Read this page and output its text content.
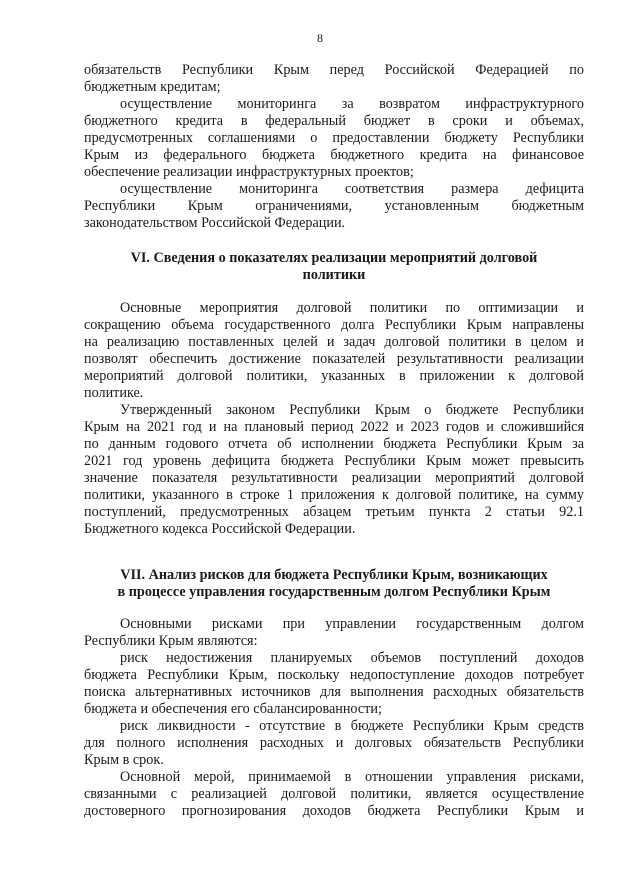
8
обязательств Республики Крым перед Российской Федерацией по
бюджетным кредитам;
осуществление мониторинга за возвратом инфраструктурного
бюджетного кредита в федеральный бюджет в сроки и объемах,
предусмотренных соглашениями о предоставлении бюджету Республики
Крым из федерального бюджета бюджетного кредита на финансовое
обеспечение реализации инфраструктурных проектов;
осуществление мониторинга соответствия размера дефицита
Республики Крым ограничениями, установленным бюджетным
законодательством Российской Федерации.
VI. Сведения о показателях реализации мероприятий долговой
политики
Основные мероприятия долговой политики по оптимизации и
сокращению объема государственного долга Республики Крым направлены
на реализацию поставленных целей и задач долговой политики в целом и
позволят обеспечить достижение показателей результативности реализации
мероприятий долговой политики, указанных в приложении к долговой
политике.
Утвержденный законом Республики Крым о бюджете Республики
Крым на 2021 год и на плановый период 2022 и 2023 годов и сложившийся
по данным годового отчета об исполнении бюджета Республики Крым за
2021 год уровень дефицита бюджета Республики Крым может превысить
значение показателя результативности реализации мероприятий долговой
политики, указанного в строке 1 приложения к долговой политике, на сумму
поступлений, предусмотренных абзацем третьим пункта 2 статьи 92.1
Бюджетного кодекса Российской Федерации.
VII. Анализ рисков для бюджета Республики Крым, возникающих
в процессе управления государственным долгом Республики Крым
Основными рисками при управлении государственным долгом
Республики Крым являются:
риск недостижения планируемых объемов поступлений доходов
бюджета Республики Крым, поскольку недопоступление доходов потребует
поиска альтернативных источников для выполнения расходных обязательств
бюджета и обеспечения его сбалансированности;
риск ликвидности - отсутствие в бюджете Республики Крым средств
для полного исполнения расходных и долговых обязательств Республики
Крым в срок.
Основной мерой, принимаемой в отношении управления рисками,
связанными с реализацией долговой политики, является осуществление
достоверного прогнозирования доходов бюджета Республики Крым и
